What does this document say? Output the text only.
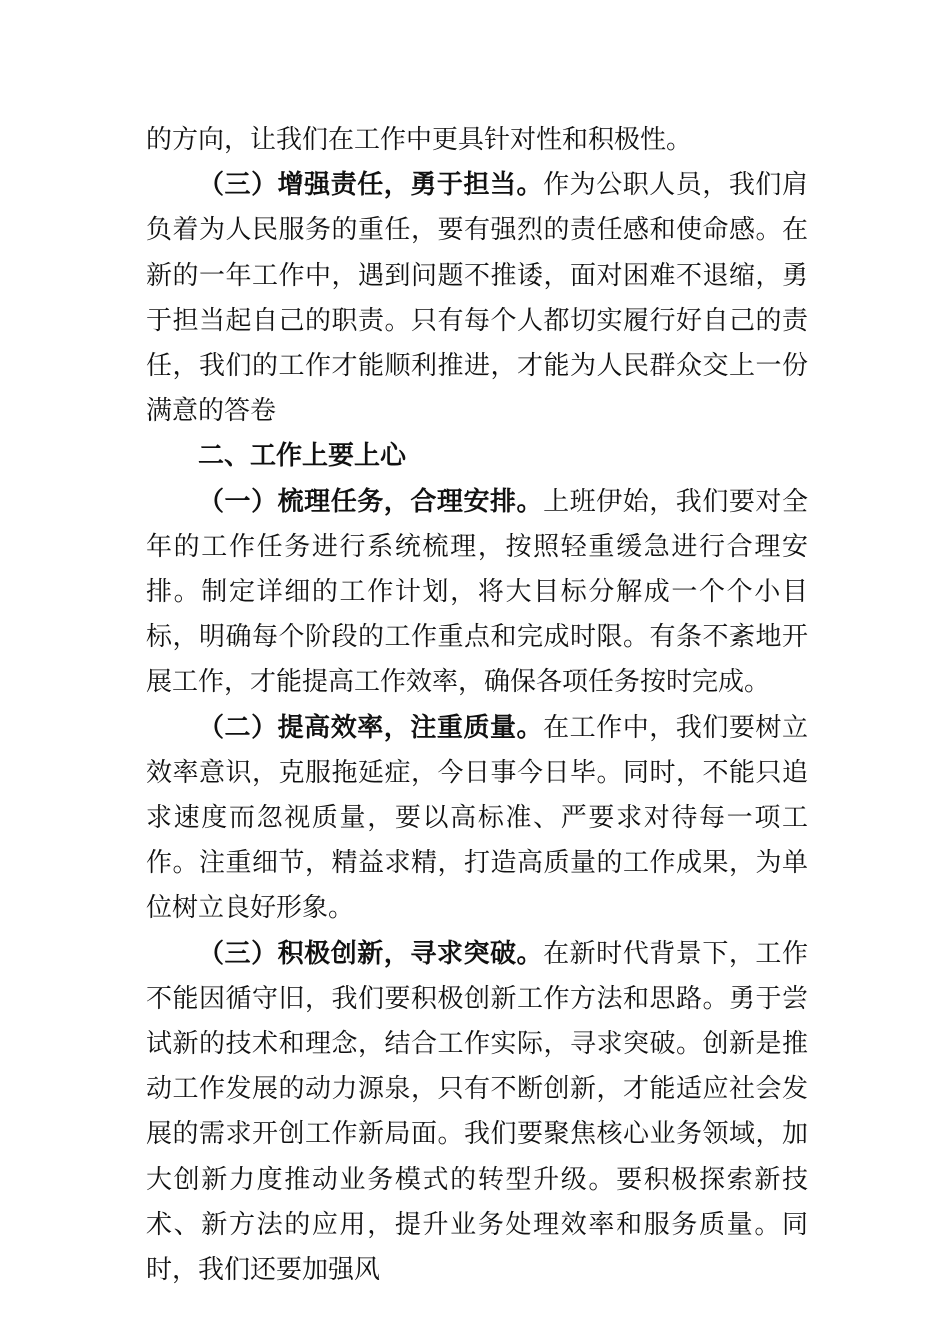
的方向，让我们在工作中更具针对性和积极性。

（三）增强责任，勇于担当。作为公职人员，我们肩负着为人民服务的重任，要有强烈的责任感和使命感。在新的一年工作中，遇到问题不推诿，面对困难不退缩，勇于担当起自己的职责。只有每个人都切实履行好自己的责任，我们的工作才能顺利推进，才能为人民群众交上一份满意的答卷

二、工作上要上心

（一）梳理任务，合理安排。上班伊始，我们要对全年的工作任务进行系统梳理，按照轻重缓急进行合理安排。制定详细的工作计划，将大目标分解成一个个小目标，明确每个阶段的工作重点和完成时限。有条不紊地开展工作，才能提高工作效率，确保各项任务按时完成。

（二）提高效率，注重质量。在工作中，我们要树立效率意识，克服拖延症，今日事今日毕。同时，不能只追求速度而忽视质量，要以高标准、严要求对待每一项工作。注重细节，精益求精，打造高质量的工作成果，为单位树立良好形象。

（三）积极创新，寻求突破。在新时代背景下，工作不能因循守旧，我们要积极创新工作方法和思路。勇于尝试新的技术和理念，结合工作实际，寻求突破。创新是推动工作发展的动力源泉，只有不断创新，才能适应社会发展的需求开创工作新局面。我们要聚焦核心业务领域，加大创新力度推动业务模式的转型升级。要积极探索新技术、新方法的应用，提升业务处理效率和服务质量。同时，我们还要加强风
